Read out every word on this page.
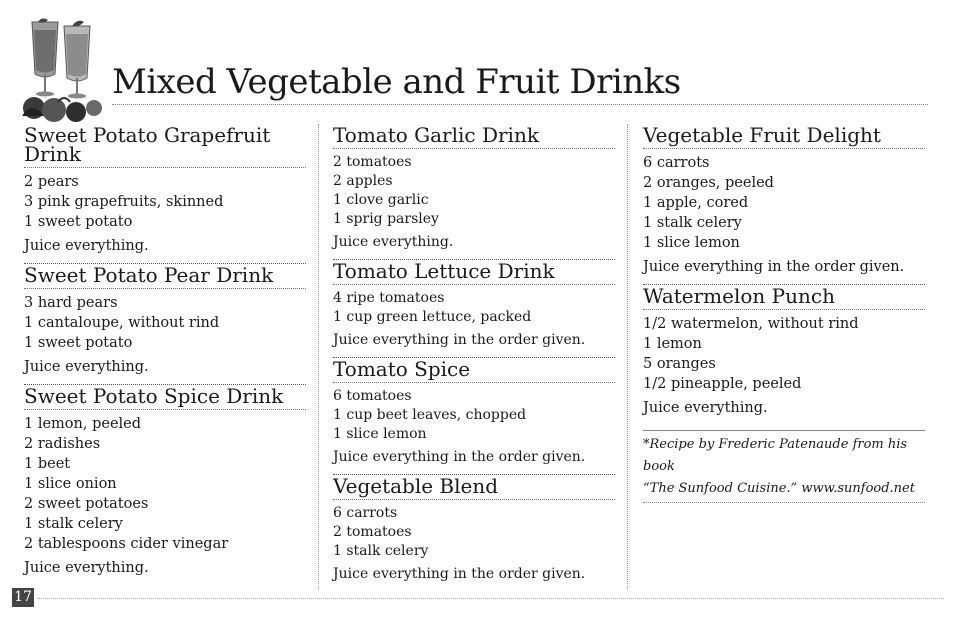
Mixed Vegetable and Fruit Drinks
Sweet Potato Grapefruit Drink
2 pears
3 pink grapefruits, skinned
1 sweet potato

Juice everything.

Sweet Potato Pear Drink
3 hard pears
1 cantaloupe, without rind
1 sweet potato

Juice everything.

Sweet Potato Spice Drink
1 lemon, peeled
2 radishes
1 beet
1 slice onion
2 sweet potatoes
1 stalk celery
2 tablespoons cider vinegar

Juice everything.

Tomato Garlic Drink
2 tomatoes
2 apples
1 clove garlic
1 sprig parsley

Juice everything.

Tomato Lettuce Drink
4 ripe tomatoes
1 cup green lettuce, packed

Juice everything in the order given.

Tomato Spice
6 tomatoes
1 cup beet leaves, chopped
1 slice lemon

Juice everything in the order given.

Vegetable Blend
6 carrots
2 tomatoes
1 stalk celery

Juice everything in the order given.

Vegetable Fruit Delight
6 carrots
2 oranges, peeled
1 apple, cored
1 stalk celery
1 slice lemon

Juice everything in the order given.

Watermelon Punch
1/2 watermelon, without rind
1 lemon
5 oranges
1/2 pineapple, peeled

Juice everything.

*Recipe by Frederic Patenaude from his book
“The Sunfood Cuisine.” www.sunfood.net
17
